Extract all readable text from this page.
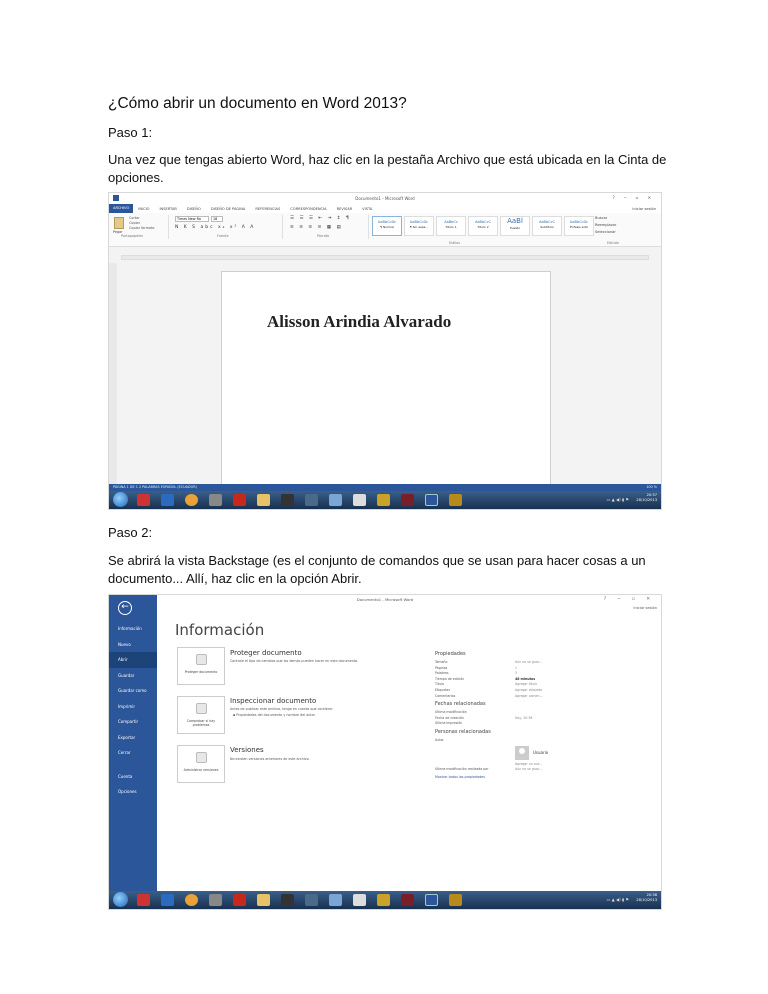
¿Cómo abrir un documento en Word 2013?
Paso 1:
Una vez que tengas abierto Word, haz clic en la pestaña Archivo que está ubicada en la Cinta de
opciones.
Documento1 - Microsoft Word	? ─ ▫ ✕
ARCHIVO	INICIO	INSERTAR	DISEÑO	DISEÑO DE PÁGINA	REFERENCIAS	CORRESPONDENCIA	REVISAR	VISTA	Iniciar sesión
Pegar
Cortar
Copiar
Copiar formato
Portapapeles
Times New Ro	18
N K S abc x₂ x² A A
Fuente
☰ ☰ ☰ ⇤ ⇥ ↕ ¶
≡ ≡ ≡ ≡ ▦ ▤
Párrafo
AaBbCcDc
¶ Normal
AaBbCcDc
¶ Sin espa...
AaBbCc
Título 1
AaBbCcC
Título 2
AaBl
Puesto
AaBbCcC
Subtítulo
AaBbCcDc
Énfasis sutil
Estilos
Buscar
Reemplazar
Seleccionar
Edición
Alisson Arindia Alvarado
PÁGINA 1 DE 1 2 PALABRAS ESPAÑOL (ECUADOR)	100 %
▭ ▲ ◀) ▮ ⚑
20:37
28/10/2013
Paso 2:
Se abrirá la vista Backstage (es el conjunto de comandos que se usan para hacer cosas a un
documento... Allí, haz clic en la opción Abrir.
Documento1 - Microsoft Word	? ─ ▫ ✕
Iniciar sesión
←
Información
Nuevo
Abrir
Guardar
Guardar como
Imprimir
Compartir
Exportar
Cerrar
Cuenta
Opciones
Información
Proteger documento
Proteger documento
Controle el tipo de cambios que los demás pueden hacer en este documento.
Comprobar si hay problemas
Inspeccionar documento
Antes de publicar este archivo, tenga en cuenta que contiene:
▪ Propiedades del documento y nombre del autor
Administrar versiones
Versiones
No existen versiones anteriores de este archivo.
Propiedades
Tamaño	Aún no se guar...
Páginas	1
Palabras	3
Tiempo de edición	48 minutos
Título	Agregar título
Etiquetas	Agregar etiqueta
Comentarios	Agregar comen...
Fechas relacionadas
Última modificación
Fecha de creación	Hoy, 20:36
Última impresión
Personas relacionadas
Autor
Usuario
Agregar un aut...
Última modificación realizada por	Aún no se guar...
Mostrar todas las propiedades
▭ ▲ ◀) ▮ ⚑
20:38
28/10/2013
